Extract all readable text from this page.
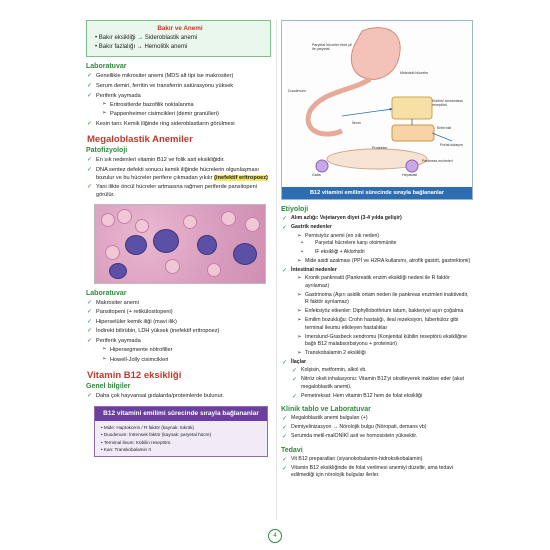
Bakır ve Anemi
• Bakır eksikliği → Sideroblastik anemi
• Bakır fazlalığı → Hemolitik anemi
Laboratuvar
✓ Genellikle mikrositer anemi (MDS alt tipi ise makrositer)
✓ Serum demiri, ferritin ve transferrin satürasyonu yüksek
✓ Periferik yaymada
➢ Eritrositlerde bazofilik noktalanma
➢ Pappenheimer cisimcikleri (demir granülleri)
✓ Kesin tanı: Kemik iliğinde ring sideroblastların görülmesi
Megaloblastik Anemiler
Patofizyoloji
✓ En sık nedenleri vitamin B12 ve folik asit eksikliğidir.
✓ DNA sentez defekti sonucu kemik iliğinde hücrelerin olgunlaşması bozulur ve bu hücreler perifere çıkmadan yıkılır (inefektif eritropoez)
✓ Yani ilikte öncül hücreler artmasına rağmen periferde pansitopeni görülür.
Laboratuvar
✓ Makrositer anemi
✓ Pansitopeni (+ retikülositopeni)
✓ Hiperselüler kemik iliği (mavi ilik)
✓ İndirekt bilirübin, LDH yüksek (inefektif eritropoez)
✓ Periferik yaymada
➢ Hipersegmente nötrofiller
➢ Howell-Jolly cisimcikleri
Vitamin B12 eksikliği
Genel bilgiler
✓ Daha çok hayvansal gıdalarda/proteinlerde bulunur.
B12 vitamini emilimi sürecinde sırayla bağlananlar
• Mide: Haptokorrin / R faktör (kaynak: tükrük)
• Duodenum: İntrensek faktör (kaynak: paryetal hücre)
• Terminal ileum: Kübilin reseptörü
• Kan: Transkobalamin II
Paryetal hücreler ekrit yif ile paryetal
Duodenum
Midedeki hücreler
Kübilin/ amnionless reseptörü
Enterosit
İleum
Portal dolaşım
Gaita	Hepatosit
Proteinler
Pankreas enzimleri
B12 vitamini emilimi sürecinde sırayla bağlananlar
Etiyoloji
✓ Alım azlığı: Vejetaryen diyet (3-4 yılda gelişir)
✓ Gastrik nedenler
➢ Pernisiyöz anemi (en sık neden)
• Paryetal hücrelere karşı otoimmünite
• IF eksikliği + Aklorhidri
➢ Mide asidi azalması (PPİ ve H2RA kullanımı, atrofik gastrit, gastrektomi)
✓ İntestinal nedenler
➢ Kronik pankreatit (Pankreatik enzim eksikliği nedeni ile R faktör ayrılamaz)
➢ Gastrinoma (Aşırı asidik ortam neden ile pankreas enzimleri inaktivedir, R faktör ayrılamaz)
➢ Enfeksiyöz etkenler: Diphyllobothrium latum, bakteriyel aşırı çoğalma
➢ Emilim bozukluğu: Crohn hastalığı, ileal rezeksiyon, tüberküloz gibi terminal ileumu etkileyen hastalıklar
➢ Imerslund-Grasbeck sendromu (Konjenital kübilin reseptörü eksikliğine bağlı B12 malabsorbsiyonu + proteinüri)
➢ Transkobalamin 2 eksikliği
✓ İlaçlar
✓ Kolşisin, metformin, alkol vb.
✓ Nitröz oksit inhalasyonu: Vitamin B12'yi oksitleyerek inaktive eder (akut megaloblastik anemi).
✓ Pemetreksat: Hem vitamin B12 hem de folat eksikliği
Klinik tablo ve Laboratuvar
✓ Megaloblastik anemi bulguları (+)
✓ Demiyelinizasyon → Nörolojik bulgu (Nöropati, demans vb)
✓ Serumda metil-malONİKİ asit ve homosistein yüksektir.
Tedavi
✓ Vit B12 preparatları (siyanokobalamin-hidroksikobalamin)
✓ Vitamin B12 eksikliğinde de folat verilmesi anemiyi düzeltir, ama tedavi edilmediği için nörolojik bulgular ilerler.
4
